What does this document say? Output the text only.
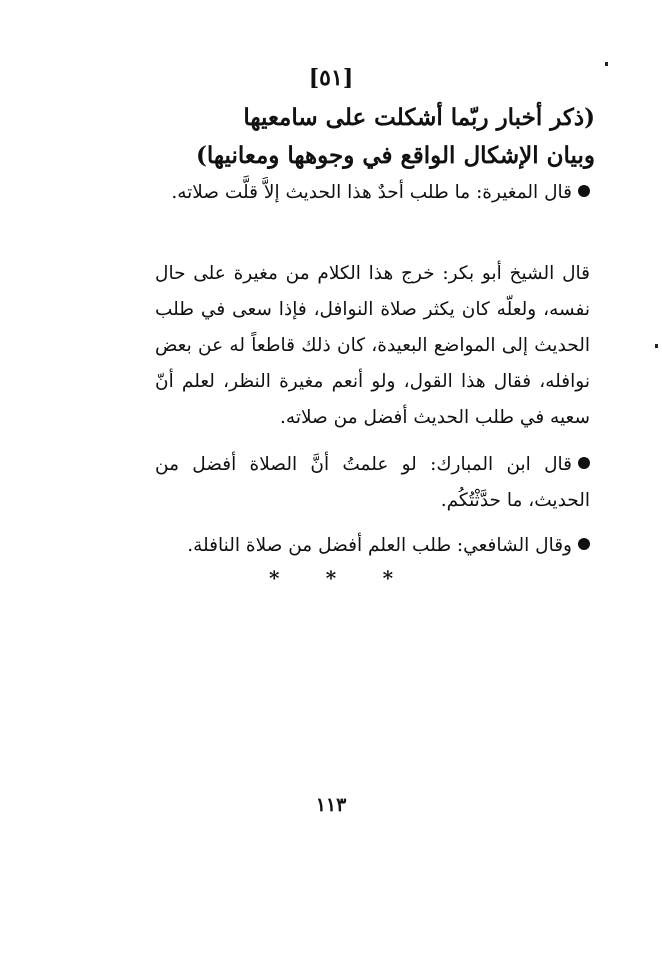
[٥١]
(ذكر أخبار ربّما أشكلت على سامعيها
وبيان الإشكال الواقع في وجوهها ومعانيها)
قال المغيرة: ما طلب أحدٌ هذا الحديث إلاَّ قلَّت صلاته.
قال الشيخ أبو بكر: خرج هذا الكلام من مغيرة على حال نفسه، ولعلّه كان يكثر صلاة النوافل، فإذا سعى في طلب الحديث إلى المواضع البعيدة، كان ذلك قاطعاً له عن بعض نوافله، فقال هذا القول، ولو أنعم مغيرة النظر، لعلم أنّ سعيه في طلب الحديث أفضل من صلاته.
قال ابن المبارك: لو علمتُ أنَّ الصلاة أفضل من الحديث، ما حدَّثْتُكُم.
وقال الشافعي: طلب العلم أفضل من صلاة النافلة.
* * *
١١٣
